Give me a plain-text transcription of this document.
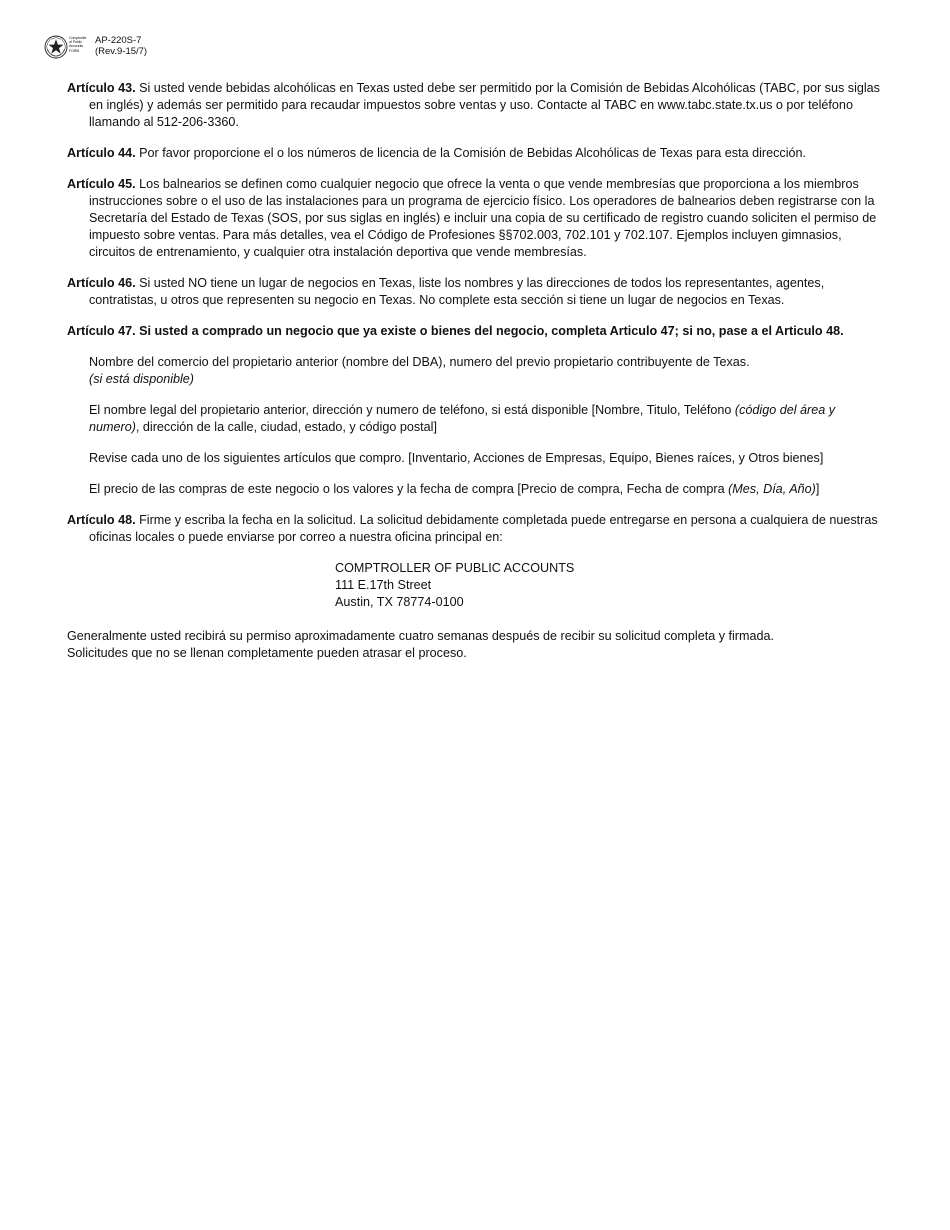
Comptroller
of Public
Accounts
FORM
AP-220S-7
(Rev.9-15/7)

Artículo 43. Si usted vende bebidas alcohólicas en Texas usted debe ser permitido por la Comisión de Bebidas Alcohólicas (TABC, por sus siglas en inglés) y además ser permitido para recaudar impuestos sobre ventas y uso. Contacte al TABC en www.tabc.state.tx.us o por teléfono llamando al 512-206-3360.

Artículo 44. Por favor proporcione el o los números de licencia de la Comisión de Bebidas Alcohólicas de Texas para esta dirección.

Artículo 45. Los balnearios se definen como cualquier negocio que ofrece la venta o que vende membresías que proporciona a los miembros instrucciones sobre o el uso de las instalaciones para un programa de ejercicio físico. Los operadores de balnearios deben registrarse con la Secretaría del Estado de Texas (SOS, por sus siglas en inglés) e incluir una copia de su certificado de registro cuando soliciten el permiso de impuesto sobre ventas. Para más detalles, vea el Código de Profesiones §§702.003, 702.101 y 702.107. Ejemplos incluyen gimnasios, circuitos de entrenamiento, y cualquier otra instalación deportiva que vende membresías.

Artículo 46. Si usted NO tiene un lugar de negocios en Texas, liste los nombres y las direcciones de todos los representantes, agentes, contratistas, u otros que representen su negocio en Texas. No complete esta sección si tiene un lugar de negocios en Texas.

Artículo 47. Si usted a comprado un negocio que ya existe o bienes del negocio, completa Articulo 47; si no, pase a el Articulo 48.

Nombre del comercio del propietario anterior (nombre del DBA), numero del previo propietario contribuyente de Texas.
(si está disponible)

El nombre legal del propietario anterior, dirección y numero de teléfono, si está disponible [Nombre, Titulo, Teléfono (código del área y numero), dirección de la calle, ciudad, estado, y código postal]

Revise cada uno de los siguientes artículos que compro. [Inventario, Acciones de Empresas, Equipo, Bienes raíces, y Otros bienes]

El precio de las compras de este negocio o los valores y la fecha de compra [Precio de compra, Fecha de compra (Mes, Día, Año)]

Artículo 48. Firme y escriba la fecha en la solicitud. La solicitud debidamente completada puede entregarse en persona a cualquiera de nuestras oficinas locales o puede enviarse por correo a nuestra oficina principal en:

COMPTROLLER OF PUBLIC ACCOUNTS
111 E.17th Street
Austin, TX 78774-0100

Generalmente usted recibirá su permiso aproximadamente cuatro semanas después de recibir su solicitud completa y firmada.
Solicitudes que no se llenan completamente pueden atrasar el proceso.
